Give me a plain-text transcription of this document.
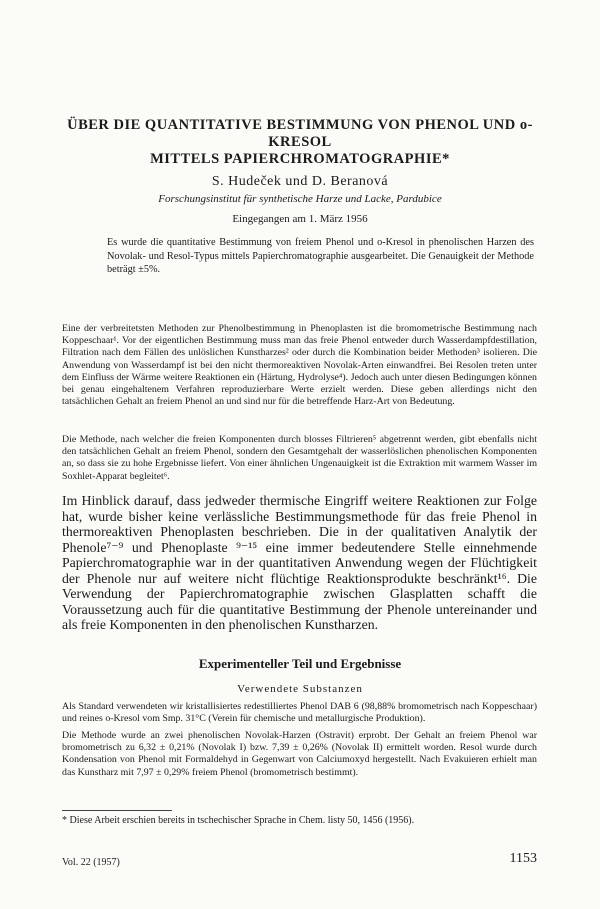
ÜBER DIE QUANTITATIVE BESTIMMUNG VON PHENOL UND o-KRESOL
MITTELS PAPIERCHROMATOGRAPHIE*
S. Hudeček und D. Beranová
Forschungsinstitut für synthetische Harze und Lacke, Pardubice
Eingegangen am 1. März 1956
Es wurde die quantitative Bestimmung von freiem Phenol und o-Kresol in phenolischen Harzen des Novolak- und Resol-Typus mittels Papierchromatographie ausgearbeitet. Die Genauigkeit der Methode beträgt ±5%.

Eine der verbreitetsten Methoden zur Phenolbestimmung in Phenoplasten ist die bromometrische Bestimmung nach Koppeschaar¹. Vor der eigentlichen Bestimmung muss man das freie Phenol entweder durch Wasserdampfdestillation, Filtration nach dem Fällen des unlöslichen Kunstharzes² oder durch die Kombination beider Methoden³ isolieren. Die Anwendung von Wasserdampf ist bei den nicht thermoreaktiven Novolak-Arten einwandfrei. Bei Resolen treten unter dem Einfluss der Wärme weitere Reaktionen ein (Härtung, Hydrolyse⁴). Jedoch auch unter diesen Bedingungen können bei genau eingehaltenem Verfahren reproduzierbare Werte erzielt werden. Diese geben allerdings nicht den tatsächlichen Gehalt an freiem Phenol an und sind nur für die betreffende Harz-Art von Bedeutung.

Die Methode, nach welcher die freien Komponenten durch blosses Filtrieren⁵ abgetrennt werden, gibt ebenfalls nicht den tatsächlichen Gehalt an freiem Phenol, sondern den Gesamtgehalt der wasserlöslichen phenolischen Komponenten an, so dass sie zu hohe Ergebnisse liefert. Von einer ähnlichen Ungenauigkeit ist die Extraktion mit warmem Wasser im Soxhlet-Apparat begleitet⁶.

Im Hinblick darauf, dass jedweder thermische Eingriff weitere Reaktionen zur Folge hat, wurde bisher keine verlässliche Bestimmungsmethode für das freie Phenol in thermoreaktiven Phenoplasten beschrieben. Die in der qualitativen Analytik der Phenole⁷⁻⁹ und Phenoplaste ⁹⁻¹⁵ eine immer bedeutendere Stelle einnehmende Papierchromatographie war in der quantitativen Anwendung wegen der Flüchtigkeit der Phenole nur auf weitere nicht flüchtige Reaktionsprodukte beschränkt¹⁶. Die Verwendung der Papierchromatographie zwischen Glasplatten schafft die Voraussetzung auch für die quantitative Bestimmung der Phenole untereinander und als freie Komponenten in den phenolischen Kunstharzen.
Experimenteller Teil und Ergebnisse
Verwendete Substanzen

Als Standard verwendeten wir kristallisiertes redestilliertes Phenol DAB 6 (98,88% bromometrisch nach Koppeschaar) und reines o-Kresol vom Smp. 31°C (Verein für chemische und metallurgische Produktion).

Die Methode wurde an zwei phenolischen Novolak-Harzen (Ostravit) erprobt. Der Gehalt an freiem Phenol war bromometrisch zu 6,32 ± 0,21% (Novolak I) bzw. 7,39 ± 0,26% (Novolak II) ermittelt worden. Resol wurde durch Kondensation von Phenol mit Formaldehyd in Gegenwart von Calciumoxyd hergestellt. Nach Evakuieren erhielt man das Kunstharz mit 7,97 ± 0,29% freiem Phenol (bromometrisch bestimmt).

* Diese Arbeit erschien bereits in tschechischer Sprache in Chem. listy 50, 1456 (1956).
Vol. 22 (1957)	1153
